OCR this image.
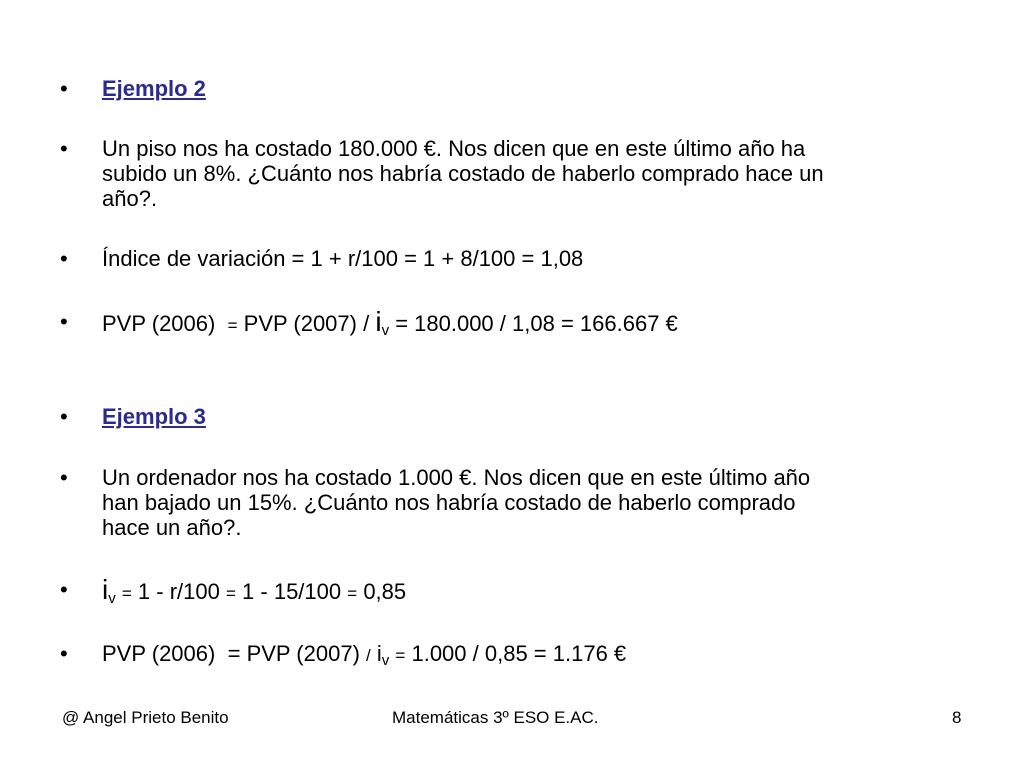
•	Ejemplo 2
•	Un piso nos ha costado 180.000 €. Nos dicen que en este último año ha
subido un 8%. ¿Cuánto nos habría costado de haberlo comprado hace un
año?.
•	Índice de variación = 1 + r/100 = 1 + 8/100 = 1,08
•	PVP (2006) = PVP $(2007) / i_v = 180.000 / 1,08 = 166.667$ €
•	Ejemplo 3
•	Un ordenador nos ha costado 1.000 €. Nos dicen que en este último año
han bajado un 15%. ¿Cuánto nos habría costado de haberlo comprado
hace un año?.
•	$i_v = 1 - r/100 = 1 - 15/100 = 0,85$
•	PVP (2006) = PVP $(2007) / i_v = 1.000 / 0,85 = 1.176$ €
@ Angel Prieto Benito	Matemáticas 3º ESO E.AC.	8
